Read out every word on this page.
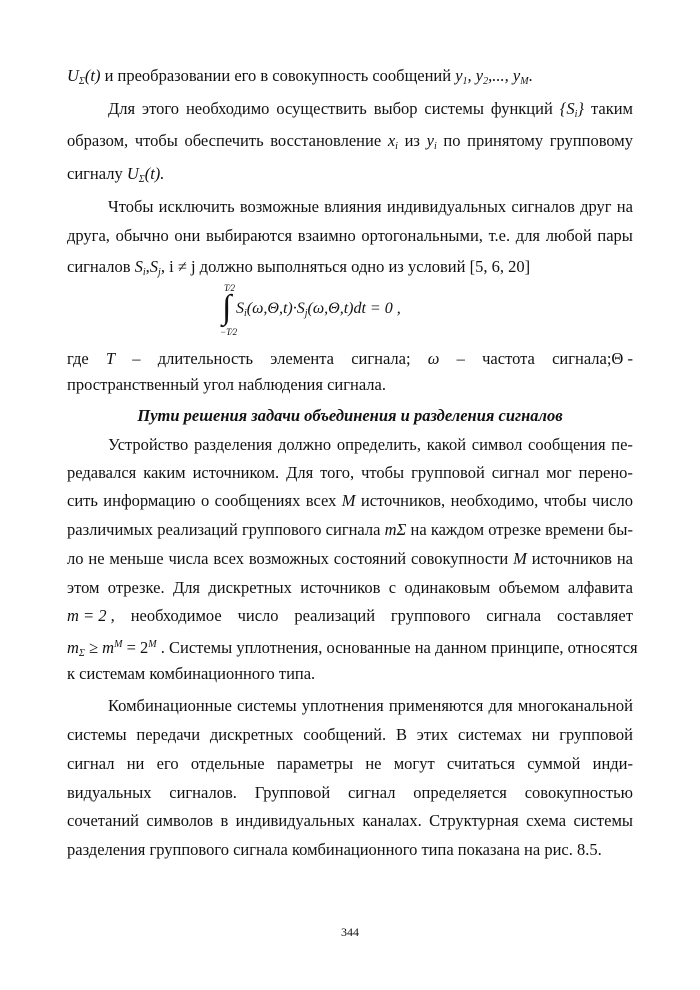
$U_\Sigma(t)$ и преобразовании его в совокупность сообщений $y_1$, $y_2$,..., $y_M$.
Для этого необходимо осуществить выбор системы функций $\{S_i\}$ таким
образом, чтобы обеспечить восстановление $x_i$ из $y_i$ по принятому групповому
сигналу $U_\Sigma(t)$.
Чтобы исключить возможные влияния индивидуальных сигналов друг на
друга, обычно они выбираются взаимно ортогональными, т.е. для любой пары
сигналов $S_i,S_j$, i ≠ j должно выполняться одно из условий [5, 6, 20]
∫
T⁄2
−T⁄2
$S_i(\omega,\Theta,t)\cdot S_j(\omega,\Theta,t)dt = 0$ ,
где T – длительность элемента сигнала; ω – частота сигнала;Θ -
пространственный угол наблюдения сигнала.
Пути решения задачи объединения и разделения сигналов
Устройство разделения должно определить, какой символ сообщения пе-
редавался каким источником. Для того, чтобы групповой сигнал мог перено-
сить информацию о сообщениях всех M источников, необходимо, чтобы число
различимых реализаций группового сигнала mΣ на каждом отрезке времени бы-
ло не меньше числа всех возможных состояний совокупности M источников на
этом отрезке. Для дискретных источников с одинаковым объемом алфавита
m = 2 , необходимое число реализаций группового сигнала составляет
$m_\Sigma \ge m^M = 2^M$ . Системы уплотнения, основанные на данном принципе, относятся
к системам комбинационного типа.
Комбинационные системы уплотнения применяются для многоканальной
системы передачи дискретных сообщений. В этих системах ни групповой
сигнал ни его отдельные параметры не могут считаться суммой инди-
видуальных сигналов. Групповой сигнал определяется совокупностью
сочетаний символов в индивидуальных каналах. Структурная схема системы
разделения группового сигнала комбинационного типа показана на рис. 8.5.
344
